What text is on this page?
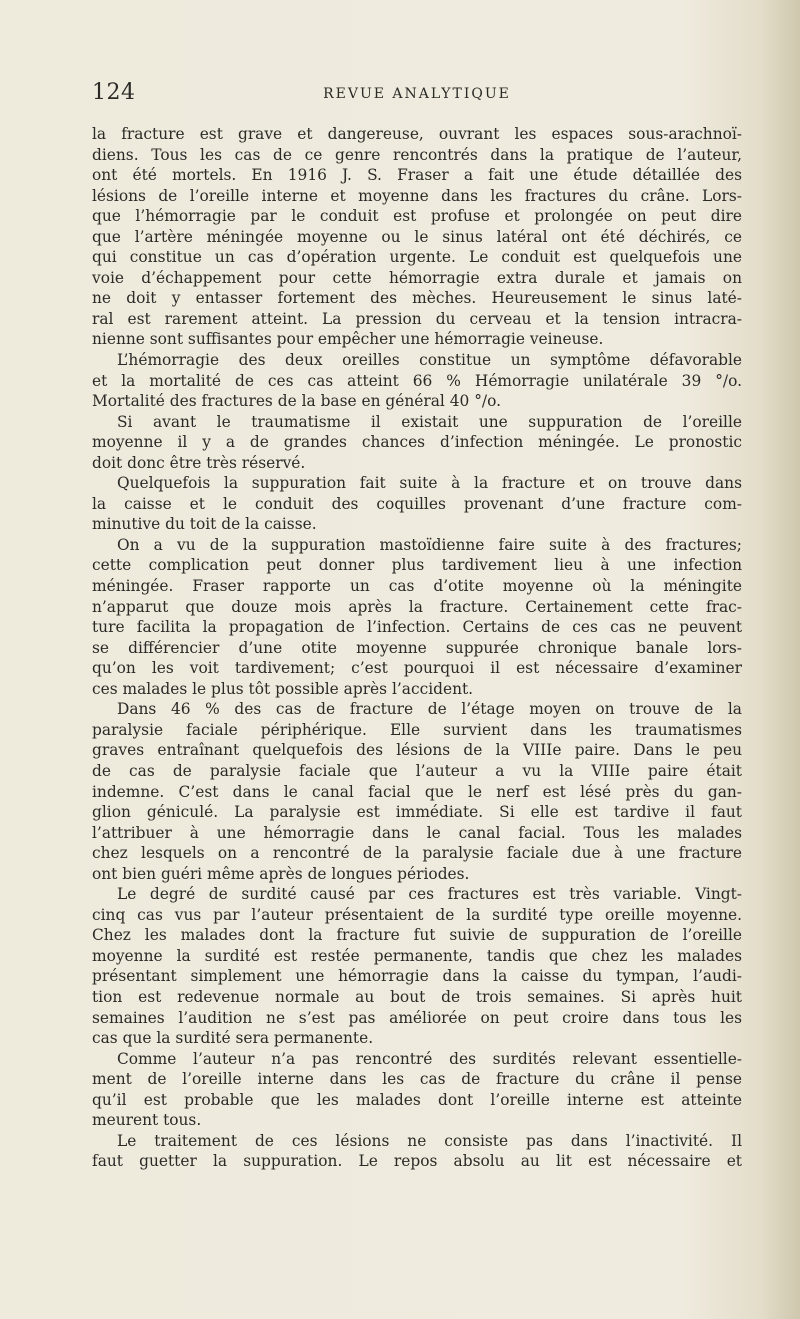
124	REVUE ANALYTIQUE
la fracture est grave et dangereuse, ouvrant les espaces sous-arachnoï-
diens. Tous les cas de ce genre rencontrés dans la pratique de l’auteur,
ont été mortels. En 1916 J. S. Fraser a fait une étude détaillée des
lésions de l’oreille interne et moyenne dans les fractures du crâne. Lors-
que l’hémorragie par le conduit est profuse et prolongée on peut dire
que l’artère méningée moyenne ou le sinus latéral ont été déchirés, ce
qui constitue un cas d’opération urgente. Le conduit est quelquefois une
voie d’échappement pour cette hémorragie extra durale et jamais on
ne doit y entasser fortement des mèches. Heureusement le sinus laté-
ral est rarement atteint. La pression du cerveau et la tension intracra-
nienne sont suffisantes pour empêcher une hémorragie veineuse.
L’hémorragie des deux oreilles constitue un symptôme défavorable
et la mortalité de ces cas atteint 66 % Hémorragie unilatérale 39 °/o.
Mortalité des fractures de la base en général 40 °/o.
Si avant le traumatisme il existait une suppuration de l’oreille
moyenne il y a de grandes chances d’infection méningée. Le pronostic
doit donc être très réservé.
Quelquefois la suppuration fait suite à la fracture et on trouve dans
la caisse et le conduit des coquilles provenant d’une fracture com-
minutive du toit de la caisse.
On a vu de la suppuration mastoïdienne faire suite à des fractures;
cette complication peut donner plus tardivement lieu à une infection
méningée. Fraser rapporte un cas d’otite moyenne où la méningite
n’apparut que douze mois après la fracture. Certainement cette frac-
ture facilita la propagation de l’infection. Certains de ces cas ne peuvent
se différencier d’une otite moyenne suppurée chronique banale lors-
qu’on les voit tardivement; c’est pourquoi il est nécessaire d’examiner
ces malades le plus tôt possible après l’accident.
Dans 46 % des cas de fracture de l’étage moyen on trouve de la
paralysie faciale périphérique. Elle survient dans les traumatismes
graves entraînant quelquefois des lésions de la VIIIe paire. Dans le peu
de cas de paralysie faciale que l’auteur a vu la VIIIe paire était
indemne. C’est dans le canal facial que le nerf est lésé près du gan-
glion géniculé. La paralysie est immédiate. Si elle est tardive il faut
l’attribuer à une hémorragie dans le canal facial. Tous les malades
chez lesquels on a rencontré de la paralysie faciale due à une fracture
ont bien guéri même après de longues périodes.
Le degré de surdité causé par ces fractures est très variable. Vingt-
cinq cas vus par l’auteur présentaient de la surdité type oreille moyenne.
Chez les malades dont la fracture fut suivie de suppuration de l’oreille
moyenne la surdité est restée permanente, tandis que chez les malades
présentant simplement une hémorragie dans la caisse du tympan, l’audi-
tion est redevenue normale au bout de trois semaines. Si après huit
semaines l’audition ne s’est pas améliorée on peut croire dans tous les
cas que la surdité sera permanente.
Comme l’auteur n’a pas rencontré des surdités relevant essentielle-
ment de l’oreille interne dans les cas de fracture du crâne il pense
qu’il est probable que les malades dont l’oreille interne est atteinte
meurent tous.
Le traitement de ces lésions ne consiste pas dans l’inactivité. Il
faut guetter la suppuration. Le repos absolu au lit est nécessaire et
